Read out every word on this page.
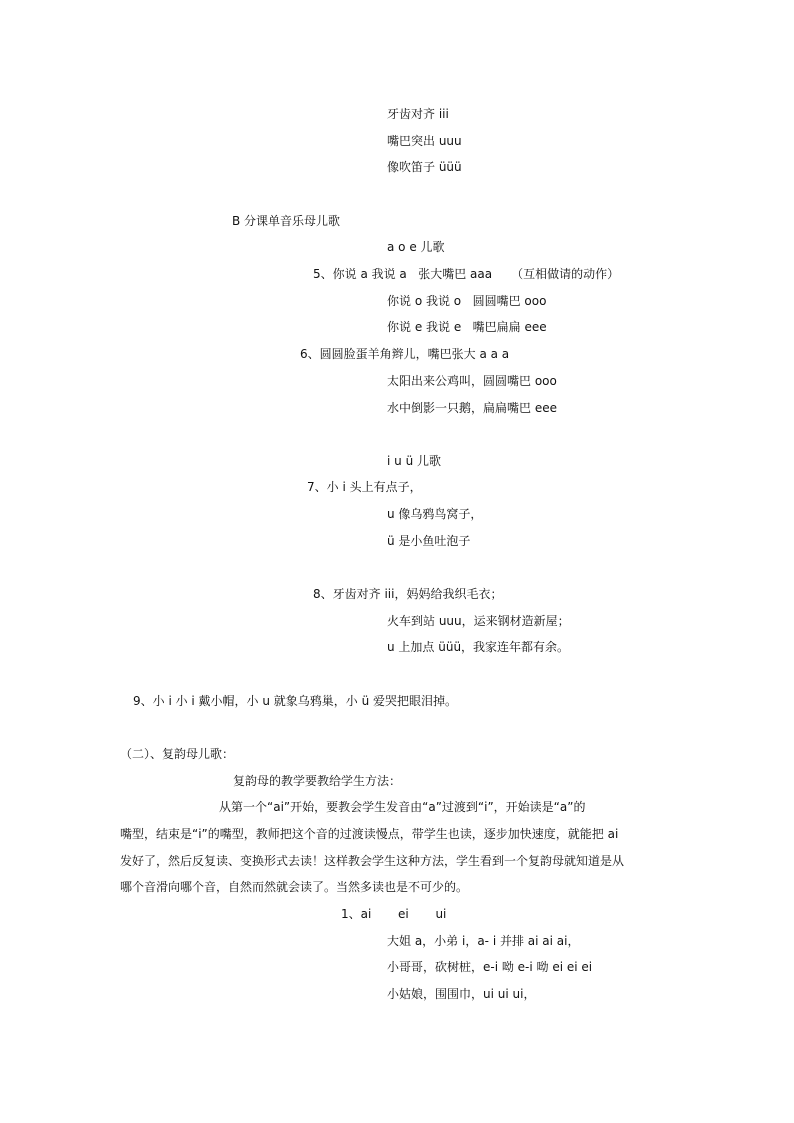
牙齿对齐 iii
嘴巴突出 uuu
像吹笛子 üüü
B 分课单音乐母儿歌
a o e 儿歌
5、你说 a 我说 a   张大嘴巴 aaa     （互相做请的动作）
你说 o 我说 o   圆圆嘴巴 ooo
你说 e 我说 e   嘴巴扁扁 eee
6、圆圆脸蛋羊角辫儿，嘴巴张大 a a a
太阳出来公鸡叫，圆圆嘴巴 ooo
水中倒影一只鹅，扁扁嘴巴 eee
i u ü 儿歌
7、小 i 头上有点子，
u 像乌鸦鸟窝子，
ü 是小鱼吐泡子
8、牙齿对齐 iii，妈妈给我织毛衣；
火车到站 uuu，运来钢材造新屋；
u 上加点 üüü，我家连年都有余。
9、小 i 小 i 戴小帽，小 u 就象乌鸦巢，小 ü 爱哭把眼泪掉。
（二）、复韵母儿歌：
复韵母的教学要教给学生方法：
从第一个“ai”开始，要教会学生发音由“a”过渡到“i”，开始读是“a”的
嘴型，结束是“i”的嘴型，教师把这个音的过渡读慢点，带学生也读，逐步加快速度，就能把 ai
发好了，然后反复读、变换形式去读！这样教会学生这种方法，学生看到一个复韵母就知道是从
哪个音滑向哪个音，自然而然就会读了。当然多读也是不可少的。
1、ai       ei       ui
大姐 a，小弟 i，a- i 并排 ai ai ai，
小哥哥，砍树桩，e-i 呦 e-i 呦 ei ei ei
小姑娘，围围巾，ui ui ui，
